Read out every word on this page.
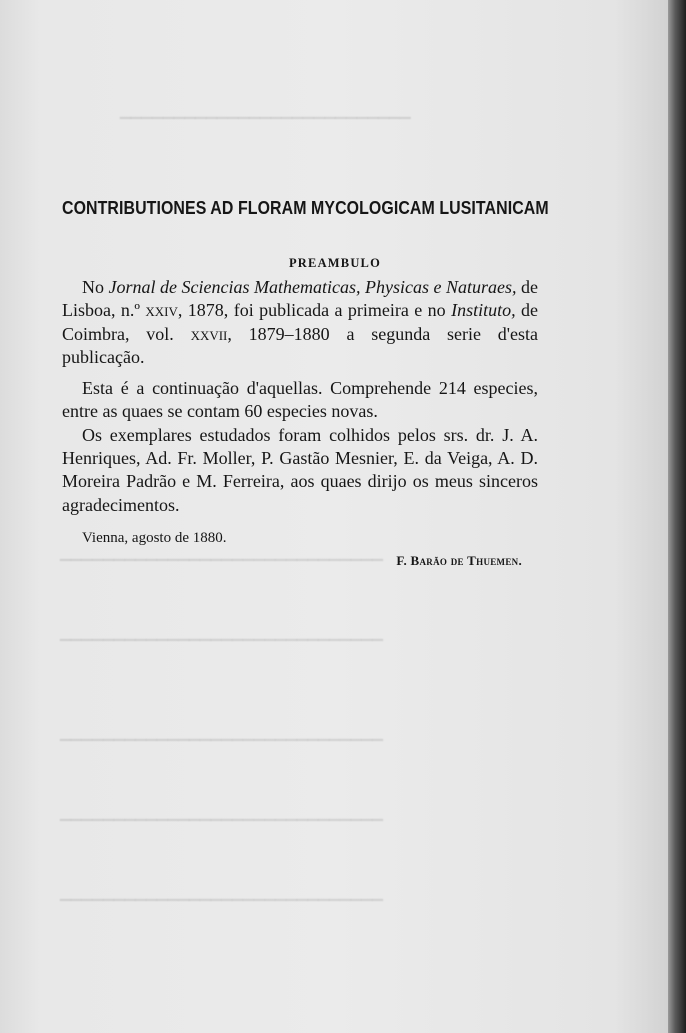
​▔▔▔▔▔▔▔▔▔▔▔▔▔▔▔▔▔▔▔▔▔▔▔▔▔▔▔
​▔▔▔▔▔▔▔▔▔▔▔▔▔▔▔▔▔▔▔▔▔▔▔▔▔▔▔▔▔▔
​▔▔▔▔▔▔▔▔▔▔▔▔▔▔▔▔▔▔▔▔▔▔▔▔▔▔▔▔▔▔
​▔▔▔▔▔▔▔▔▔▔▔▔▔▔▔▔▔▔▔▔▔▔▔▔▔▔▔▔▔▔
​▔▔▔▔▔▔▔▔▔▔▔▔▔▔▔▔▔▔▔▔▔▔▔▔▔▔▔▔▔▔
​▔▔▔▔▔▔▔▔▔▔▔▔▔▔▔▔▔▔▔▔▔▔▔▔▔▔▔▔▔▔
CONTRIBUTIONES AD FLORAM MYCOLOGICAM LUSITANICAM
PREAMBULO

No Jornal de Sciencias Mathematicas, Physicas e Naturaes, de Lisboa, n.º xxiv, 1878, foi publicada a primeira e no Instituto, de Coimbra, vol. xxvii, 1879–1880 a segunda serie d'esta publicação.

Esta é a continuação d'aquellas. Comprehende 214 especies, entre as quaes se contam 60 especies novas.

Os exemplares estudados foram colhidos pelos srs. dr. J. A. Henriques, Ad. Fr. Moller, P. Gastão Mesnier, E. da Veiga, A. D. Moreira Padrão e M. Ferreira, aos quaes dirijo os meus sinceros agradecimentos.

Vienna, agosto de 1880.
F. Barão de Thuemen.
